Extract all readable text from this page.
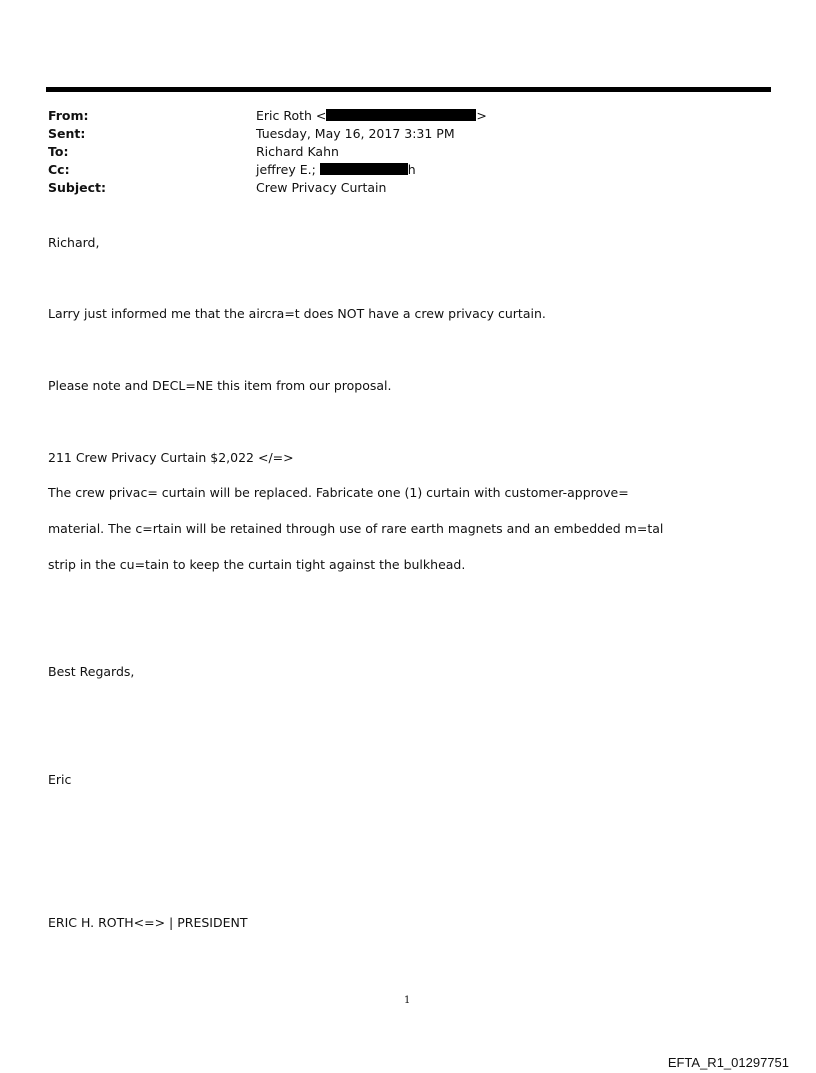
From:	Eric Roth <	>
Sent:	Tuesday, May 16, 2017 3:31 PM
To:	Richard Kahn
Cc:	jeffrey E.;	h
Subject:	Crew Privacy Curtain
Richard,
Larry just informed me that the aircra=t does NOT have a crew privacy curtain.
Please note and DECL=NE this item from our proposal.
211 Crew Privacy Curtain $2,022 </=>
The crew privac= curtain will be replaced. Fabricate one (1) curtain with customer-approve=
material. The c=rtain will be retained through use of rare earth magnets and an embedded m=tal
strip in the cu=tain to keep the curtain tight against the bulkhead.
Best Regards,
Eric
ERIC H. ROTH<=> | PRESIDENT
1
EFTA_R1_01297751
